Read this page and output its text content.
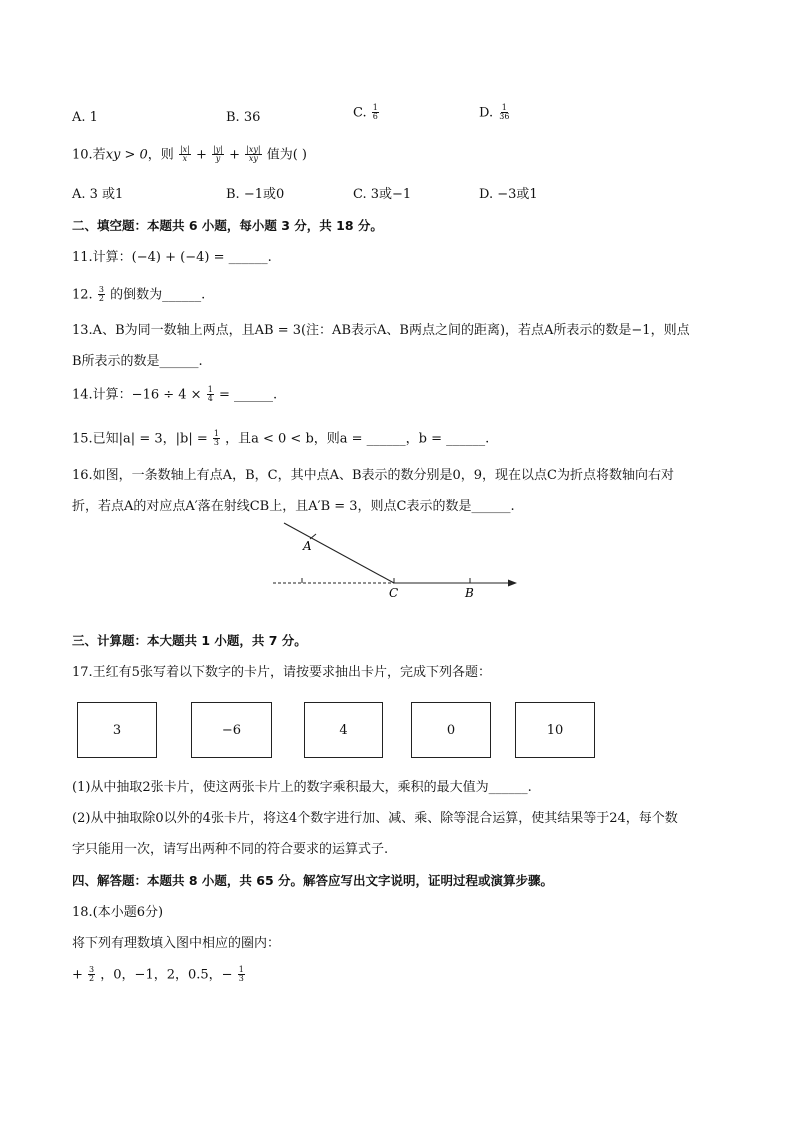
A. 1	B. 36	C. $\frac{1}{6}$	D. $\frac{1}{36}$
10.若xy > 0，则 $\frac{|x|}{x} + \frac{|y|}{y} + \frac{|xy|}{xy}$ 值为( )
A. 3 或1	B. −1或0	C. 3或−1	D. −3或1
二、填空题：本题共 6 小题，每小题 3 分，共 18 分。
11.计算：(−4) + (−4) = ______.
12. $\frac{3}{2}$ 的倒数为______.
13.A、B为同一数轴上两点，且AB = 3(注：AB表示A、B两点之间的距离)，若点A所表示的数是−1，则点
B所表示的数是______.
14.计算：$-16 \div 4 \times \frac{1}{4}$ = ______.
15.已知|a| = 3，$|b| = \frac{1}{3}$ ，且a < 0 < b，则a = ______，b = ______.
16.如图，一条数轴上有点A，B，C，其中点A、B表示的数分别是0，9，现在以点C为折点将数轴向右对
折，若点A的对应点A′落在射线CB上，且A′B = 3，则点C表示的数是______.
A
C	B
三、计算题：本大题共 1 小题，共 7 分。
17.王红有5张写着以下数字的卡片，请按要求抽出卡片，完成下列各题：
3	−6	4	0	10
(1)从中抽取2张卡片，使这两张卡片上的数字乘积最大，乘积的最大值为______.
(2)从中抽取除0以外的4张卡片，将这4个数字进行加、减、乘、除等混合运算，使其结果等于24，每个数
字只能用一次，请写出两种不同的符合要求的运算式子.
四、解答题：本题共 8 小题，共 65 分。解答应写出文字说明，证明过程或演算步骤。
18.(本小题6分)
将下列有理数填入图中相应的圈内：
+ $\frac{3}{2}$ ，0，−1，2，0.5，− $\frac{1}{3}$
